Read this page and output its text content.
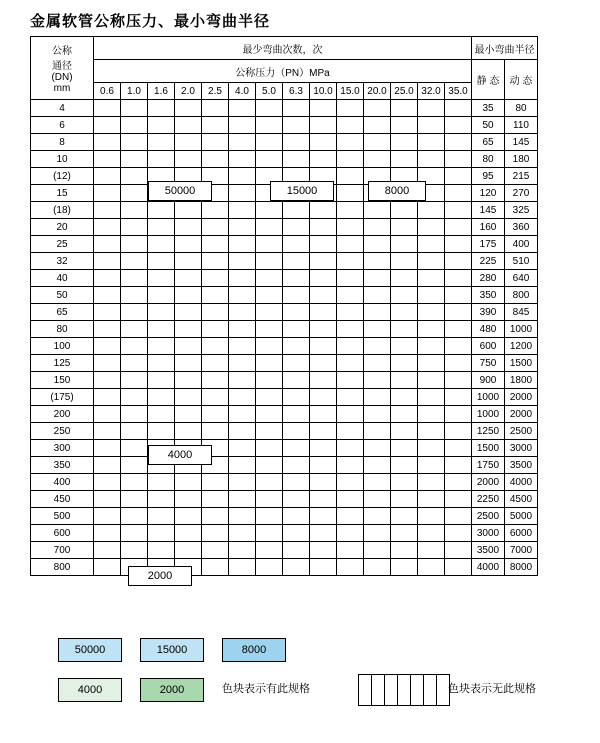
金属软管公称压力、最小弯曲半径
公称
通径
(DN)
mm	最少弯曲次数，次														最小弯曲半径	
	公称压力（PN）MPa														静 态	动 态
	0.6	1.0	1.6	2.0	2.5	4.0	5.0	6.3	10.0	15.0	20.0	25.0	32.0	35.0		
4															35	80
6															50	110
8															65	145
10															80	180
(12)															95	215
15															120	270
(18)															145	325
20															160	360
25															175	400
32															225	510
40															280	640
50															350	800
65															390	845
80															480	1000
100															600	1200
125															750	1500
150															900	1800
(175)															1000	2000
200															1000	2000
250															1250	2500
300															1500	3000
350															1750	3500
400															2000	4000
450															2250	4500
500															2500	5000
600															3000	6000
700															3500	7000
800															4000	8000
50000	15000	8000
4000
2000
50000	15000	8000
4000	2000	色块表示有此规格
							色块表示无此规格
